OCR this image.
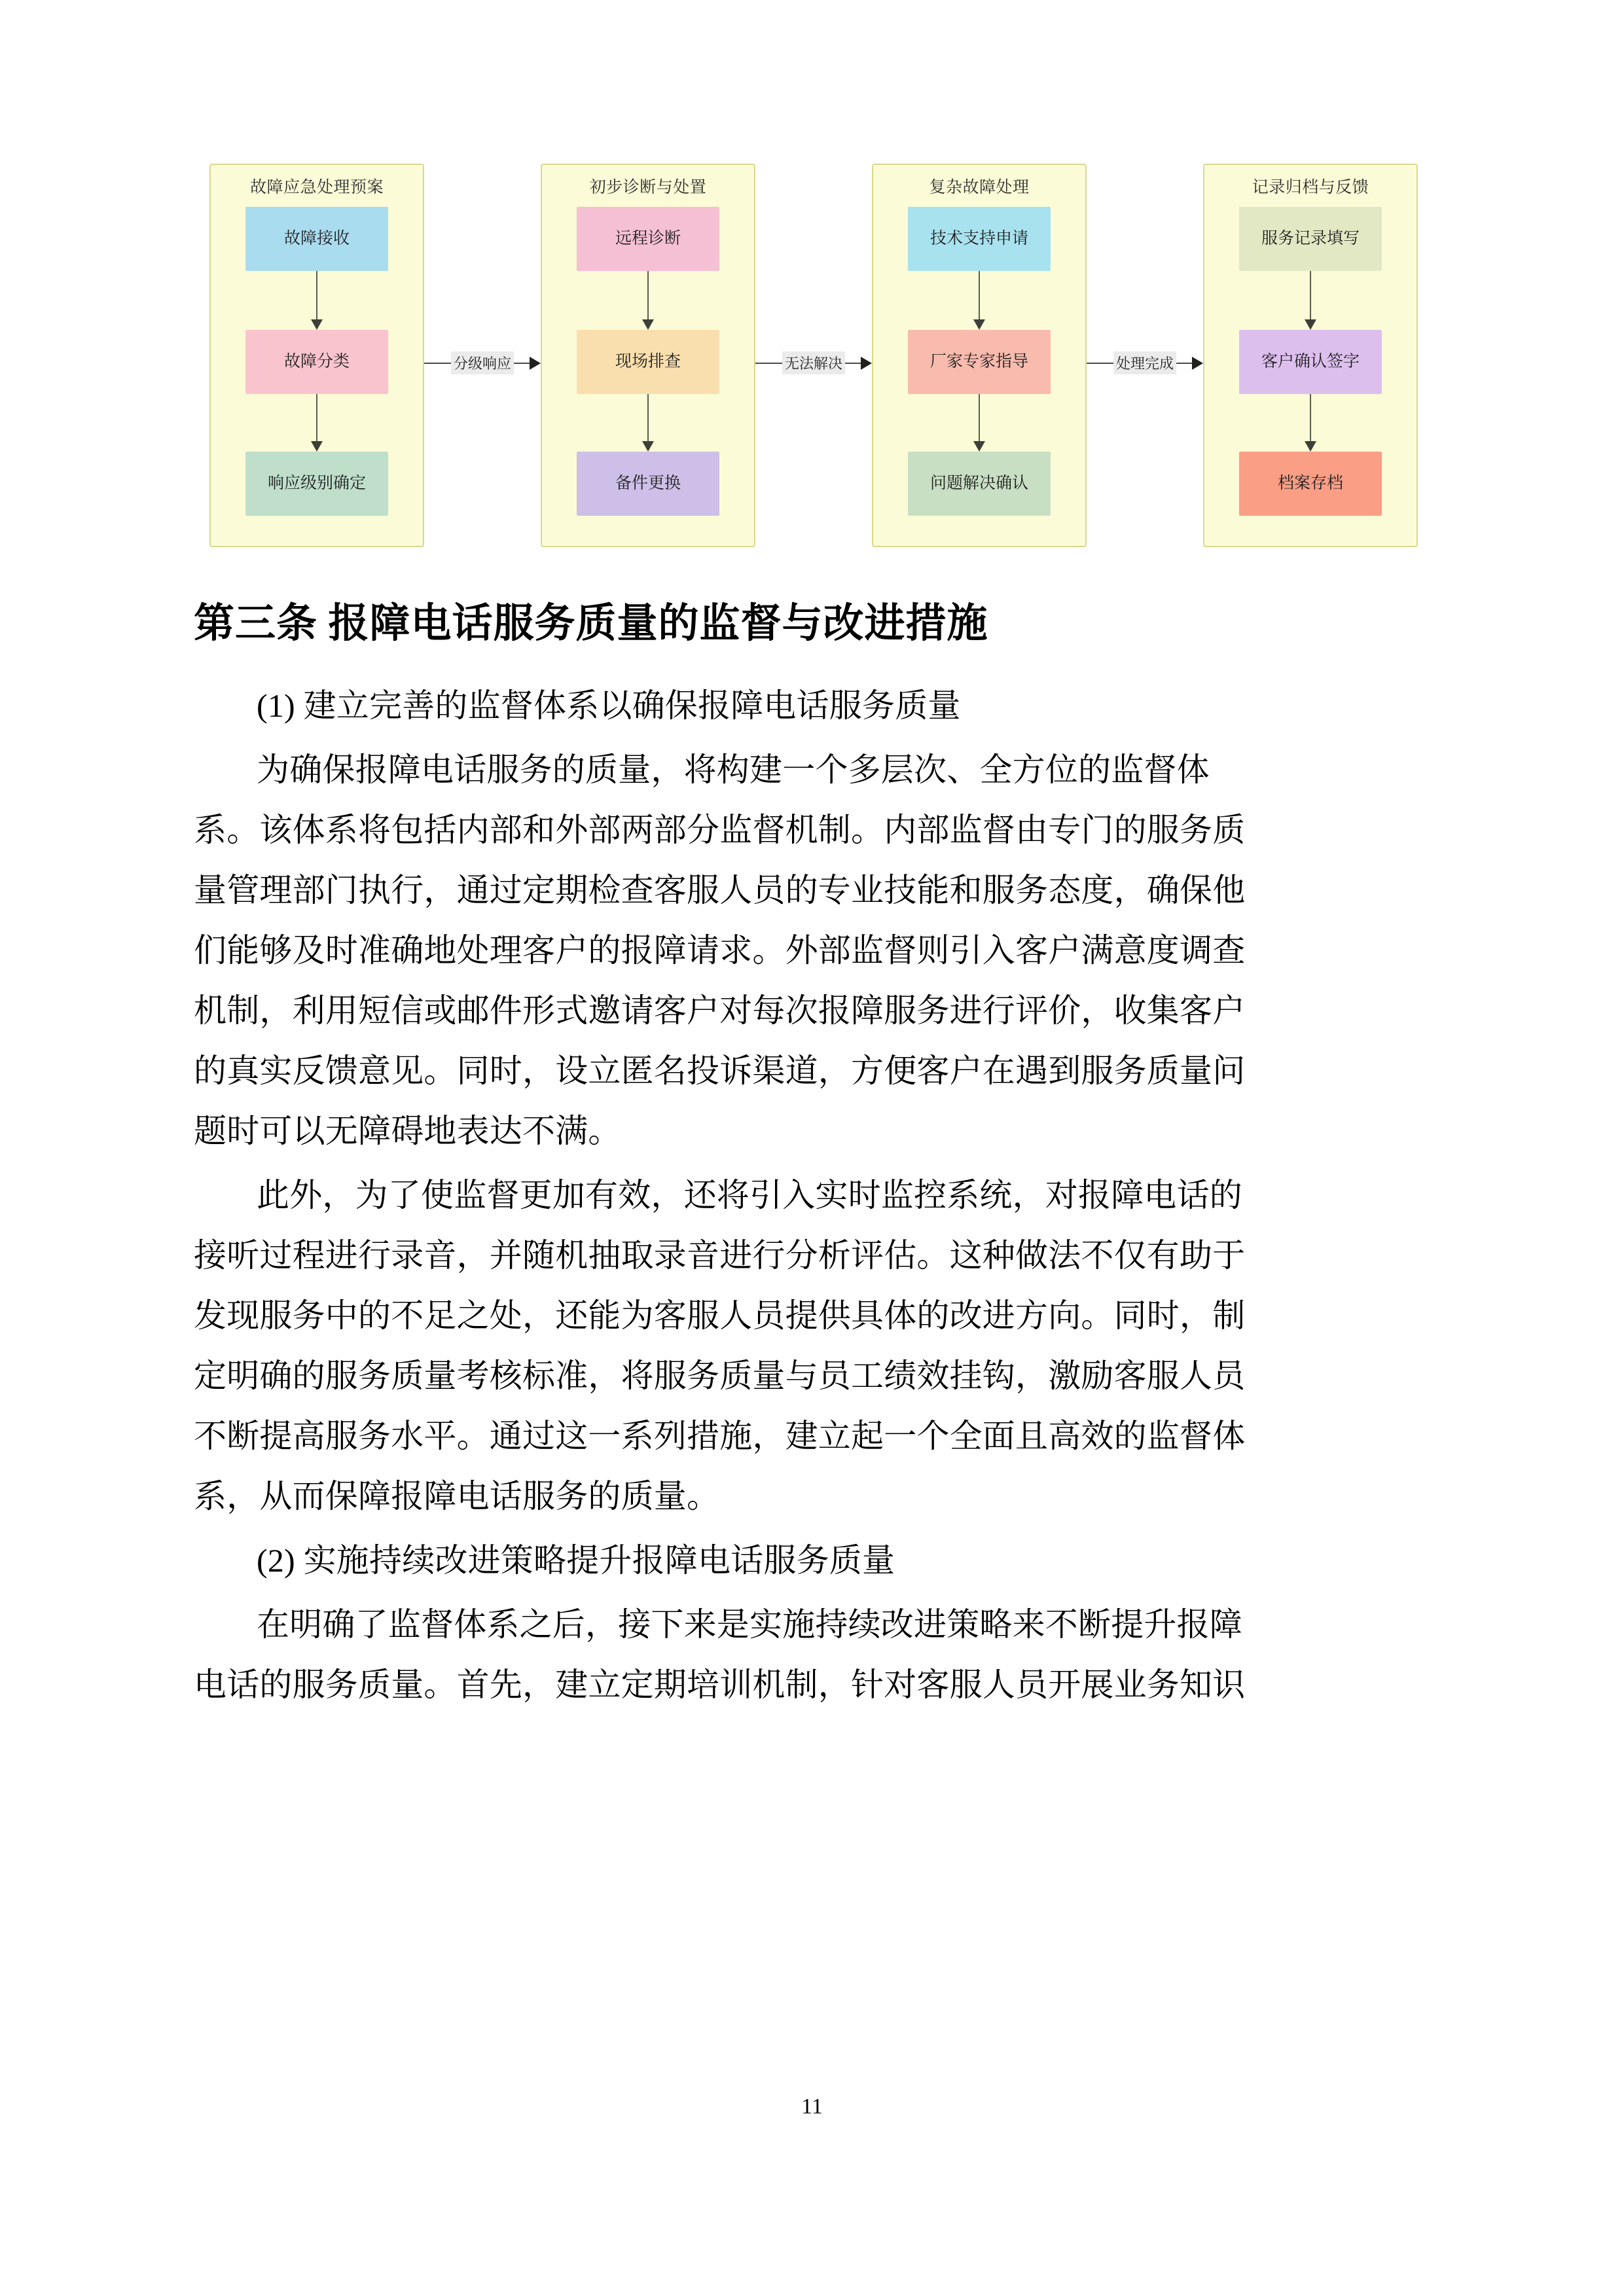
故障应急处理预案
故障接收
故障分类
响应级别确定
初步诊断与处置
远程诊断
现场排查
备件更换
复杂故障处理
技术支持申请
厂家专家指导
问题解决确认
记录归档与反馈
服务记录填写
客户确认签字
档案存档
分级响应	无法解决	处理完成
第三条 报障电话服务质量的监督与改进措施
(1) 建立完善的监督体系以确保报障电话服务质量
为确保报障电话服务的质量，将构建一个多层次、全方位的监督体
系。该体系将包括内部和外部两部分监督机制。内部监督由专门的服务质
量管理部门执行，通过定期检查客服人员的专业技能和服务态度，确保他
们能够及时准确地处理客户的报障请求。外部监督则引入客户满意度调查
机制，利用短信或邮件形式邀请客户对每次报障服务进行评价，收集客户
的真实反馈意见。同时，设立匿名投诉渠道，方便客户在遇到服务质量问
题时可以无障碍地表达不满。
此外，为了使监督更加有效，还将引入实时监控系统，对报障电话的
接听过程进行录音，并随机抽取录音进行分析评估。这种做法不仅有助于
发现服务中的不足之处，还能为客服人员提供具体的改进方向。同时，制
定明确的服务质量考核标准，将服务质量与员工绩效挂钩，激励客服人员
不断提高服务水平。通过这一系列措施，建立起一个全面且高效的监督体
系，从而保障报障电话服务的质量。
(2) 实施持续改进策略提升报障电话服务质量
在明确了监督体系之后，接下来是实施持续改进策略来不断提升报障
电话的服务质量。首先，建立定期培训机制，针对客服人员开展业务知识
11
